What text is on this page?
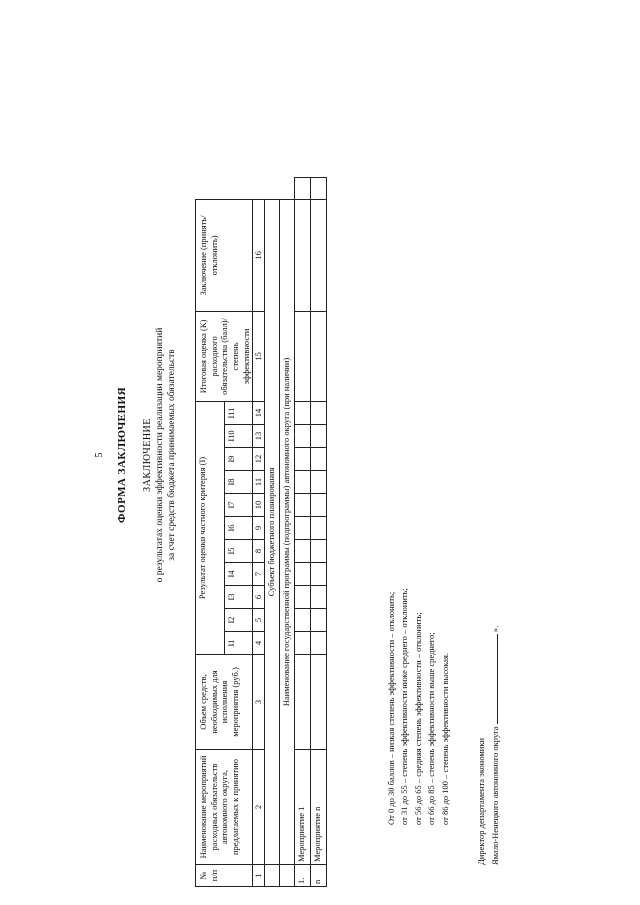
5 ФОРМА ЗАКЛЮЧЕНИЯ ЗАКЛЮЧЕНИЕ о результатах оценки эффективности реализации мероприятий за счет средств бюджета принимаемых обязательств
№ п/п	Наименование мероприятий расходных обязательств автономного округа, предлагаемых к принятию	Объем средств, необходимых для исполнения мероприятия (руб.)	Результат оценки частного критерия (I)											Итоговая оценка (К) расходного обязательства (балл)/степень эффективности	Заключение (принять/ отклонить)	
			I1	I2	I3	I4	I5	I6	I7	I8	I9	I10	I11			
1	2	3	4	5	6	7	8	9	10	11	12	13	14	15	16	
	Субъект бюджетного планирования															
	Наименование государственной программы (подпрограммы) автономного округа (при наличии)															
1.	Мероприятие 1															
n	Мероприятие n															
От 0 до 30 баллов – низкая степень эффективности – отклонить; от 31 до 55 – степень эффективности ниже среднего – отклонить; от 56 до 65 – средняя степень эффективности – отклонить; от 66 до 85 – степень эффективности выше среднего; от 86 до 100 – степень эффективности высокая.	Директор департамента экономики Ямало-Ненецкого автономного округа  ».
